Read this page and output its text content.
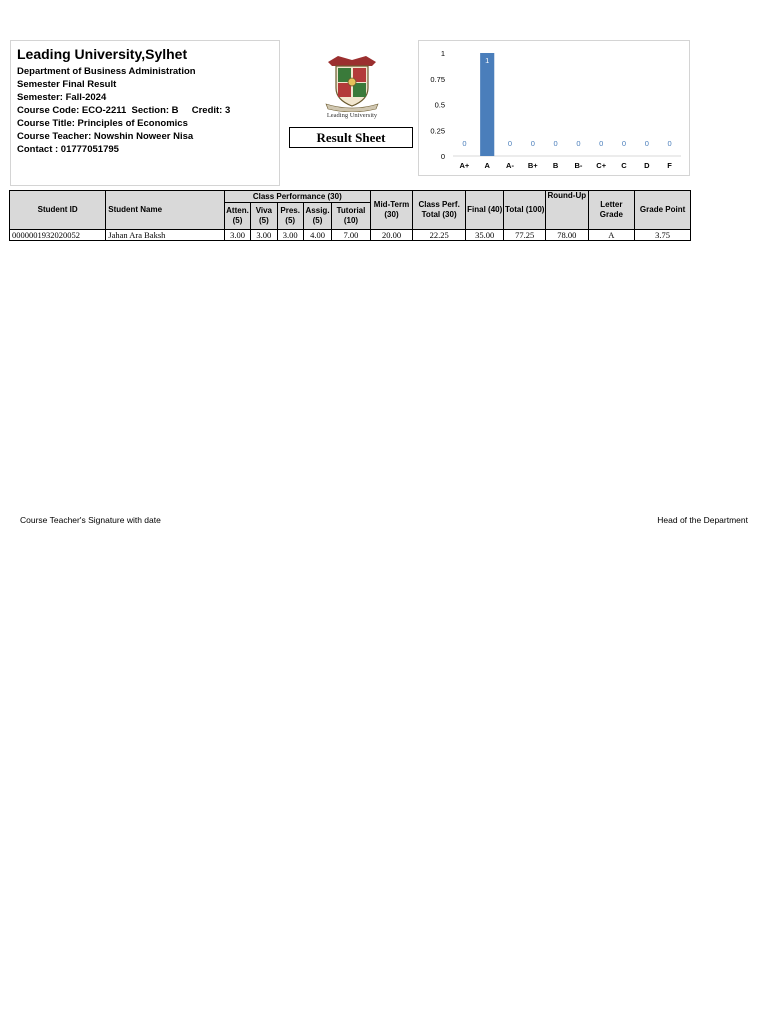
Leading University,Sylhet
Department of Business Administration
Semester Final Result
Semester: Fall-2024
Course Code: ECO-2211  Section: B     Credit: 3
Course Title: Principles of Economics
Course Teacher: Nowshin Noweer Nisa
Contact : 01777051795
Leading University
Result Sheet
0
0.25
0.5
0.75
1
0
A+
1
A
0
A-
0
B+
0
B
0
B-
0
C+
0
C
0
D
0
F
Student ID	Student Name	Class Performance (30)					Mid-Term (30)	Class Perf. Total (30)	Final (40)	Total (100)	Round-Up	Letter Grade	Grade Point
		Atten. (5)	Viva (5)	Pres. (5)	Assig. (5)	Tutorial (10)							
0000001932020052	Jahan Ara Baksh	3.00	3.00	3.00	4.00	7.00	20.00	22.25	35.00	77.25	78.00	A	3.75
Course Teacher's Signature with date	Head of the Department
